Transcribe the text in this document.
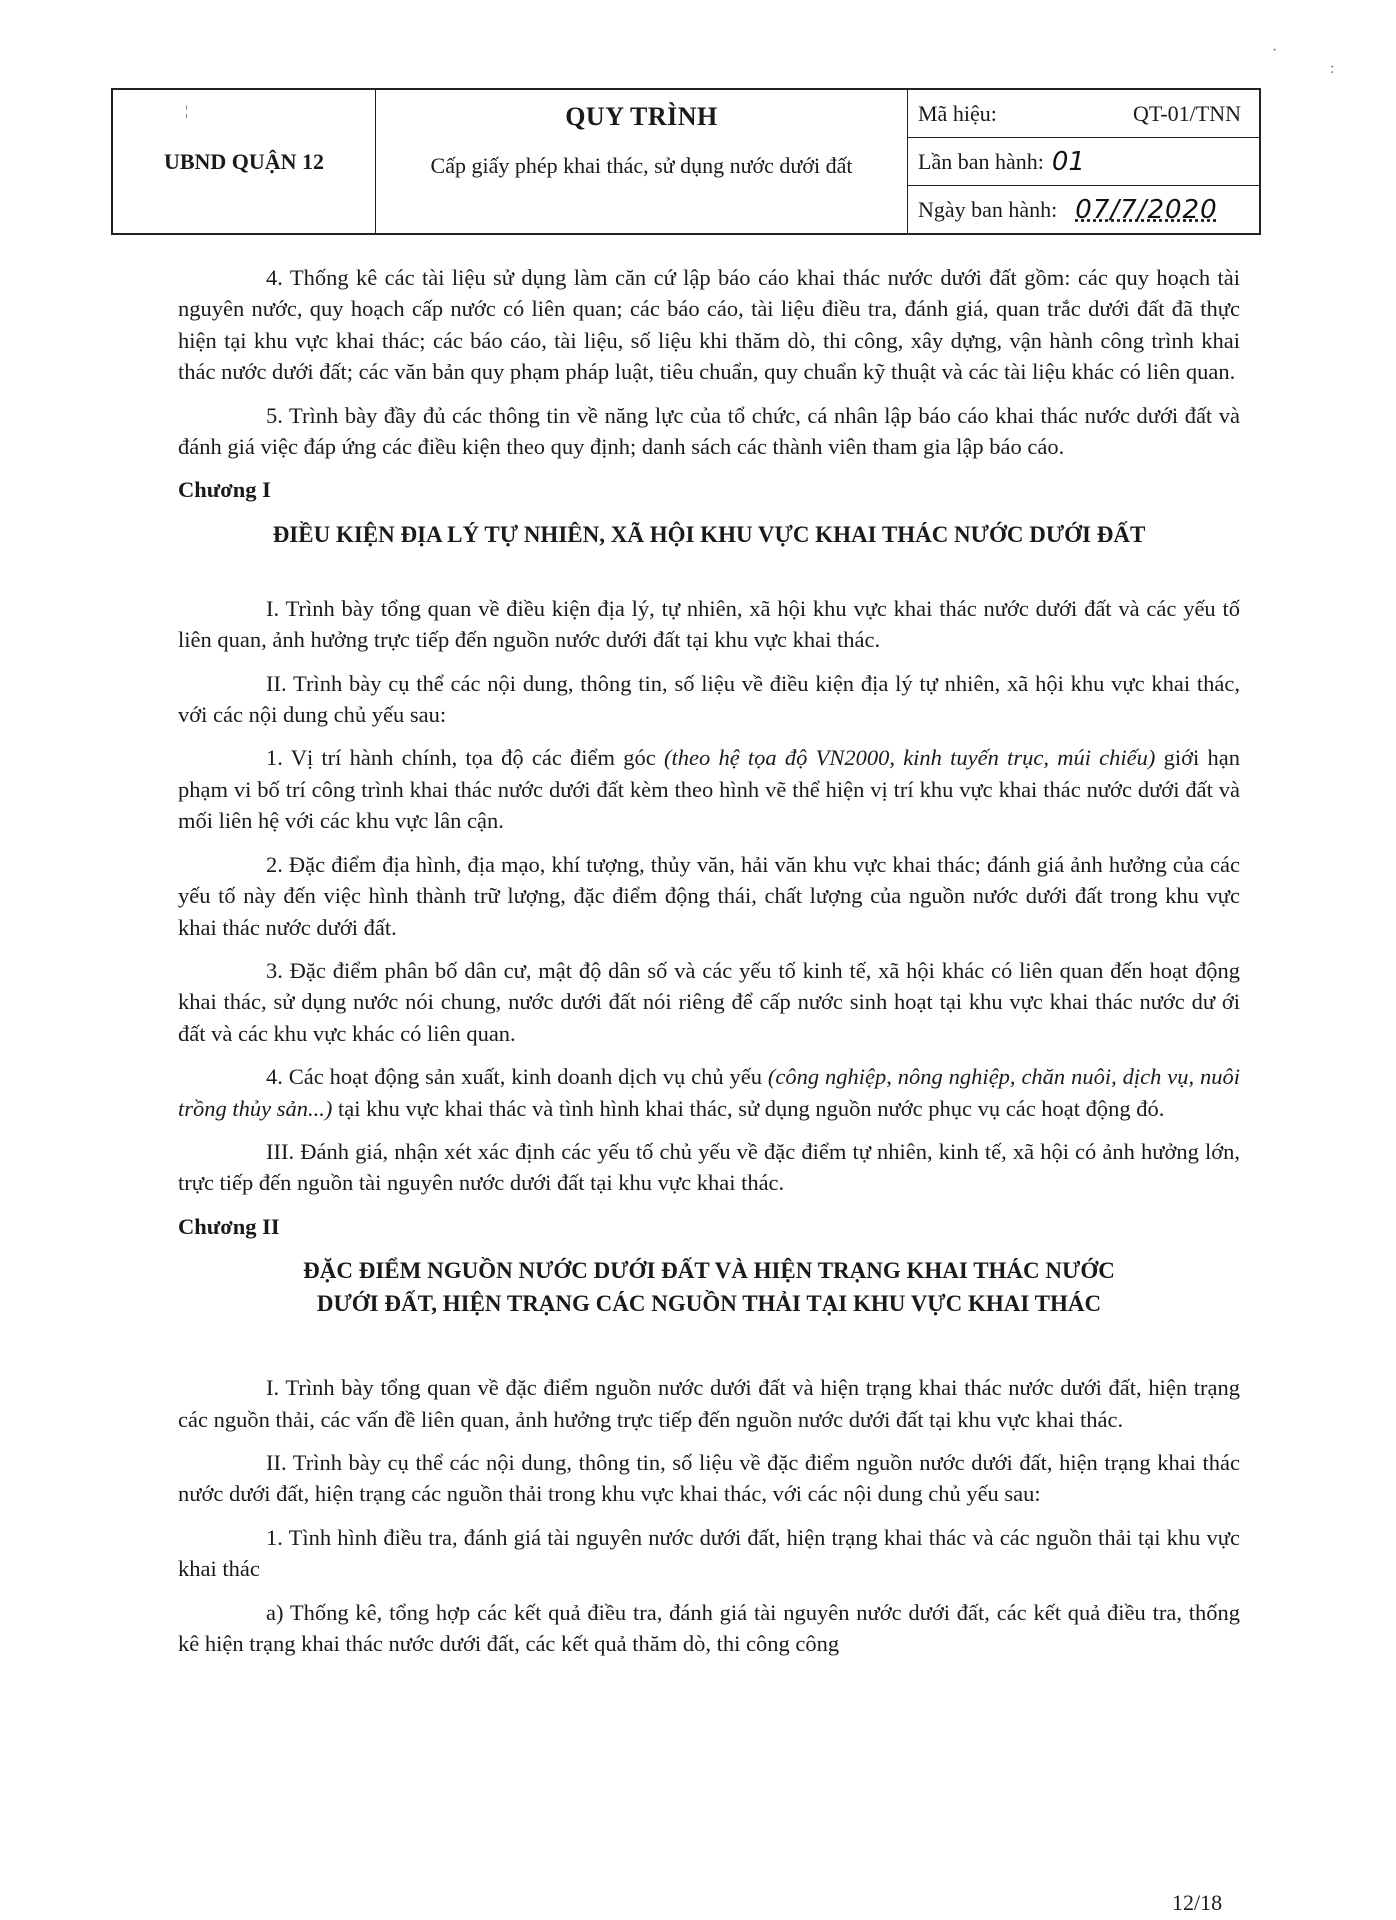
·
:
¦
UBND QUẬN 12
QUY TRÌNH
Cấp giấy phép khai thác, sử dụng nước dưới đất
Mã hiệu:	QT-01/TNN
Lần ban hành: 01
Ngày ban hành: 07/7/2020

4. Thống kê các tài liệu sử dụng làm căn cứ lập báo cáo khai thác nước dưới đất gồm: các quy hoạch tài nguyên nước, quy hoạch cấp nước có liên quan; các báo cáo, tài liệu điều tra, đánh giá, quan trắc dưới đất đã thực hiện tại khu vực khai thác; các báo cáo, tài liệu, số liệu khi thăm dò, thi công, xây dựng, vận hành công trình khai thác nước dưới đất; các văn bản quy phạm pháp luật, tiêu chuẩn, quy chuẩn kỹ thuật và các tài liệu khác có liên quan.

5. Trình bày đầy đủ các thông tin về năng lực của tổ chức, cá nhân lập báo cáo khai thác nước dưới đất và đánh giá việc đáp ứng các điều kiện theo quy định; danh sách các thành viên tham gia lập báo cáo.

Chương I
ĐIỀU KIỆN ĐỊA LÝ TỰ NHIÊN, XÃ HỘI KHU VỰC KHAI THÁC NƯỚC DƯỚI ĐẤT

I. Trình bày tổng quan về điều kiện địa lý, tự nhiên, xã hội khu vực khai thác nước dưới đất và các yếu tố liên quan, ảnh hưởng trực tiếp đến nguồn nước dưới đất tại khu vực khai thác.

II. Trình bày cụ thể các nội dung, thông tin, số liệu về điều kiện địa lý tự nhiên, xã hội khu vực khai thác, với các nội dung chủ yếu sau:

1. Vị trí hành chính, tọa độ các điểm góc (theo hệ tọa độ VN2000, kinh tuyến trục, múi chiếu) giới hạn phạm vi bố trí công trình khai thác nước dưới đất kèm theo hình vẽ thể hiện vị trí khu vực khai thác nước dưới đất và mối liên hệ với các khu vực lân cận.

2. Đặc điểm địa hình, địa mạo, khí tượng, thủy văn, hải văn khu vực khai thác; đánh giá ảnh hưởng của các yếu tố này đến việc hình thành trữ lượng, đặc điểm động thái, chất lượng của nguồn nước dưới đất trong khu vực khai thác nước dưới đất.

3. Đặc điểm phân bố dân cư, mật độ dân số và các yếu tố kinh tế, xã hội khác có liên quan đến hoạt động khai thác, sử dụng nước nói chung, nước dưới đất nói riêng để cấp nước sinh hoạt tại khu vực khai thác nước dư ới đất và các khu vực khác có liên quan.

4. Các hoạt động sản xuất, kinh doanh dịch vụ chủ yếu (công nghiệp, nông nghiệp, chăn nuôi, dịch vụ, nuôi trồng thủy sản...) tại khu vực khai thác và tình hình khai thác, sử dụng nguồn nước phục vụ các hoạt động đó.

III. Đánh giá, nhận xét xác định các yếu tố chủ yếu về đặc điểm tự nhiên, kinh tế, xã hội có ảnh hưởng lớn, trực tiếp đến nguồn tài nguyên nước dưới đất tại khu vực khai thác.

Chương II
ĐẶC ĐIỂM NGUỒN NƯỚC DƯỚI ĐẤT VÀ HIỆN TRẠNG KHAI THÁC NƯỚC
DƯỚI ĐẤT, HIỆN TRẠNG CÁC NGUỒN THẢI TẠI KHU VỰC KHAI THÁC

I. Trình bày tổng quan về đặc điểm nguồn nước dưới đất và hiện trạng khai thác nước dưới đất, hiện trạng các nguồn thải, các vấn đề liên quan, ảnh hưởng trực tiếp đến nguồn nước dưới đất tại khu vực khai thác.

II. Trình bày cụ thể các nội dung, thông tin, số liệu về đặc điểm nguồn nước dưới đất, hiện trạng khai thác nước dưới đất, hiện trạng các nguồn thải trong khu vực khai thác, với các nội dung chủ yếu sau:

1. Tình hình điều tra, đánh giá tài nguyên nước dưới đất, hiện trạng khai thác và các nguồn thải tại khu vực khai thác

a) Thống kê, tổng hợp các kết quả điều tra, đánh giá tài nguyên nước dưới đất, các kết quả điều tra, thống kê hiện trạng khai thác nước dưới đất, các kết quả thăm dò, thi công công

12/18
